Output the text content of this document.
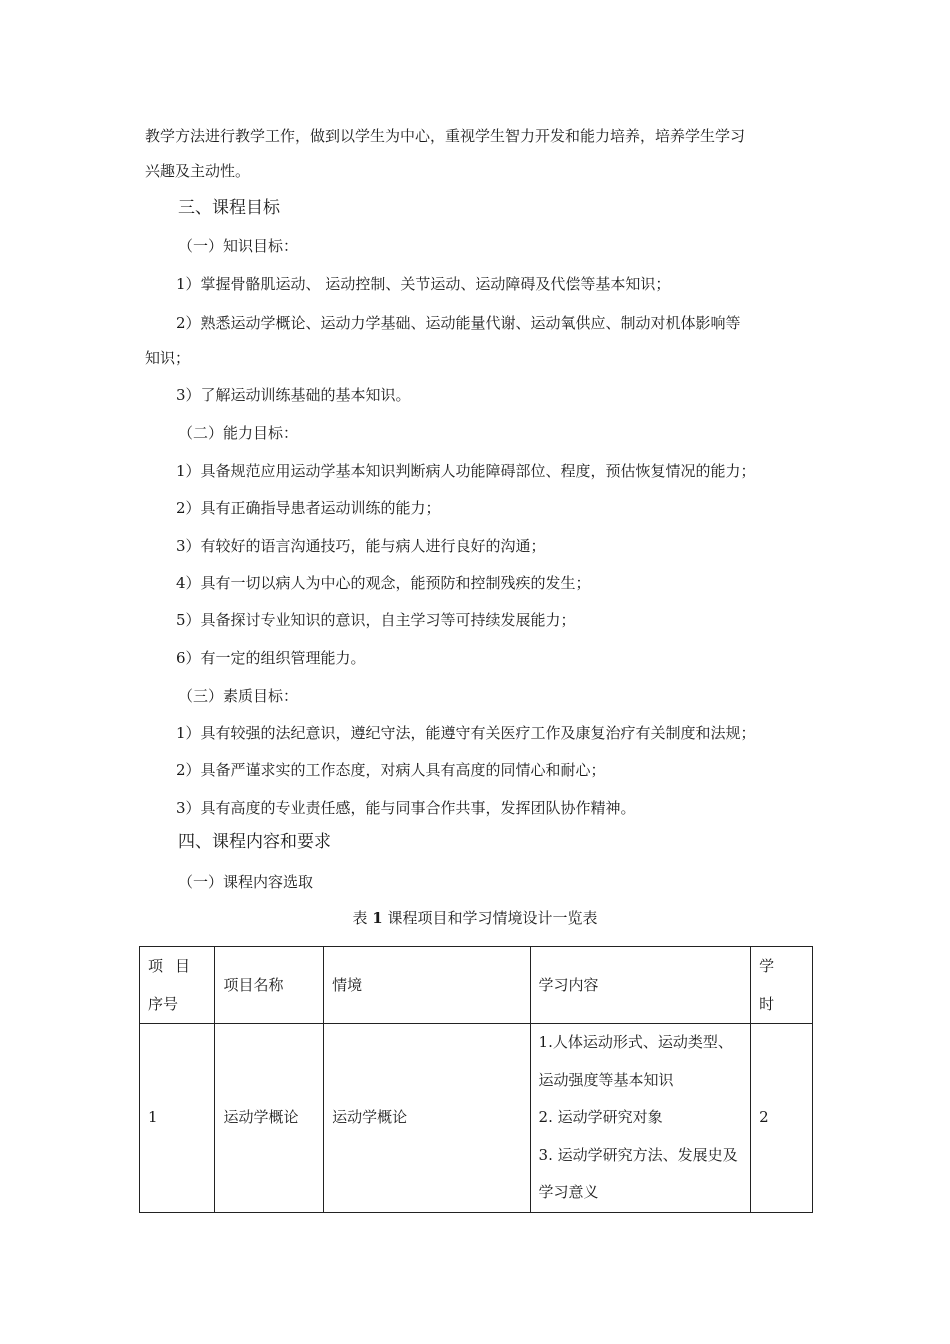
教学方法进行教学工作，做到以学生为中心，重视学生智力开发和能力培养，培养学生学习
兴趣及主动性。
三、课程目标
（一）知识目标：
1）掌握骨骼肌运动、 运动控制、关节运动、运动障碍及代偿等基本知识；
2）熟悉运动学概论、运动力学基础、运动能量代谢、运动氧供应、制动对机体影响等
知识；
3）了解运动训练基础的基本知识。
（二）能力目标：
1）具备规范应用运动学基本知识判断病人功能障碍部位、程度，预估恢复情况的能力；
2）具有正确指导患者运动训练的能力；
3）有较好的语言沟通技巧，能与病人进行良好的沟通；
4）具有一切以病人为中心的观念，能预防和控制残疾的发生；
5）具备探讨专业知识的意识，自主学习等可持续发展能力；
6）有一定的组织管理能力。
（三）素质目标：
1）具有较强的法纪意识，遵纪守法，能遵守有关医疗工作及康复治疗有关制度和法规；
2）具备严谨求实的工作态度，对病人具有高度的同情心和耐心；
3）具有高度的专业责任感，能与同事合作共事，发挥团队协作精神。
四、课程内容和要求
（一）课程内容选取
表 1 课程项目和学习情境设计一览表
项目
序号	项目名称	情境	学习内容	学
时

1	运动学概论	运动学概论	1.人体运动形式、运动类型、
运动强度等基本知识
2. 运动学研究对象
3. 运动学研究方法、发展史及
学习意义	2
